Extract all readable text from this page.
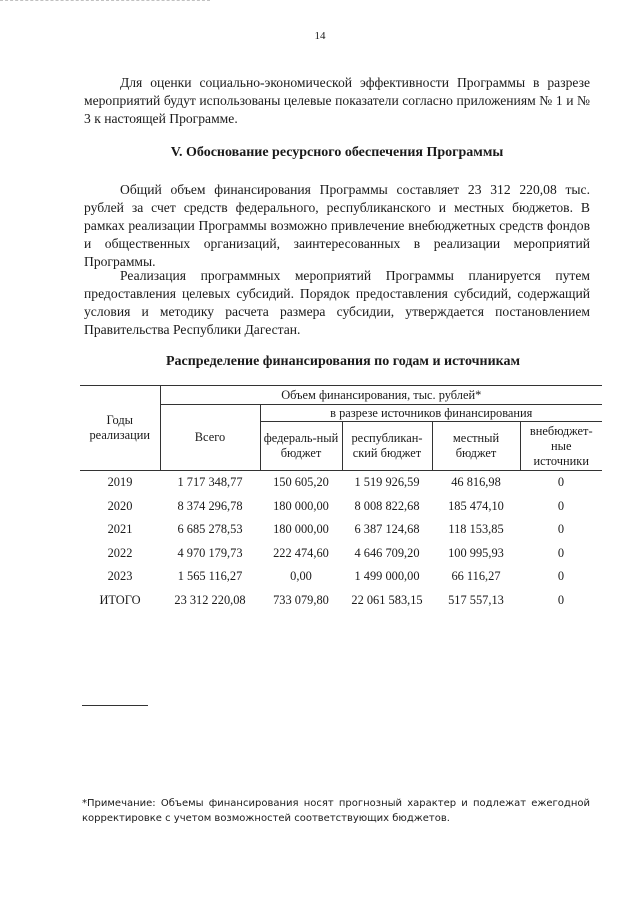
14

Для оценки социально-экономической эффективности Программы в разрезе мероприятий будут использованы целевые показатели согласно приложениям № 1 и № 3 к настоящей Программе.

V. Обоснование ресурсного обеспечения Программы

Общий объем финансирования Программы составляет 23 312 220,08 тыс. рублей за счет средств федерального, республиканского и местных бюджетов. В рамках реализации Программы возможно привлечение внебюджетных средств фондов и общественных организаций, заинтересованных в реализации мероприятий Программы.

Реализация программных мероприятий Программы планируется путем предоставления целевых субсидий. Порядок предоставления субсидий, содержащий условия и методику расчета размера субсидии, утверждается постановлением Правительства Республики Дагестан.

Распределение финансирования по годам и источникам

Годы реализации	Объем финансирования, тыс. рублей*				
	Всего	в разрезе источников финансирования			
		федераль-ный бюджет	республикан-ский бюджет	местный бюджет	внебюджет-ные источники
2019	1 717 348,77	150 605,20	1 519 926,59	46 816,98	0
2020	8 374 296,78	180 000,00	8 008 822,68	185 474,10	0
2021	6 685 278,53	180 000,00	6 387 124,68	118 153,85	0
2022	4 970 179,73	222 474,60	4 646 709,20	100 995,93	0
2023	1 565 116,27	0,00	1 499 000,00	66 116,27	0
ИТОГО	23 312 220,08	733 079,80	22 061 583,15	517 557,13	0

*Примечание: Объемы финансирования носят прогнозный характер и подлежат ежегодной корректировке с учетом возможностей соответствующих бюджетов.
